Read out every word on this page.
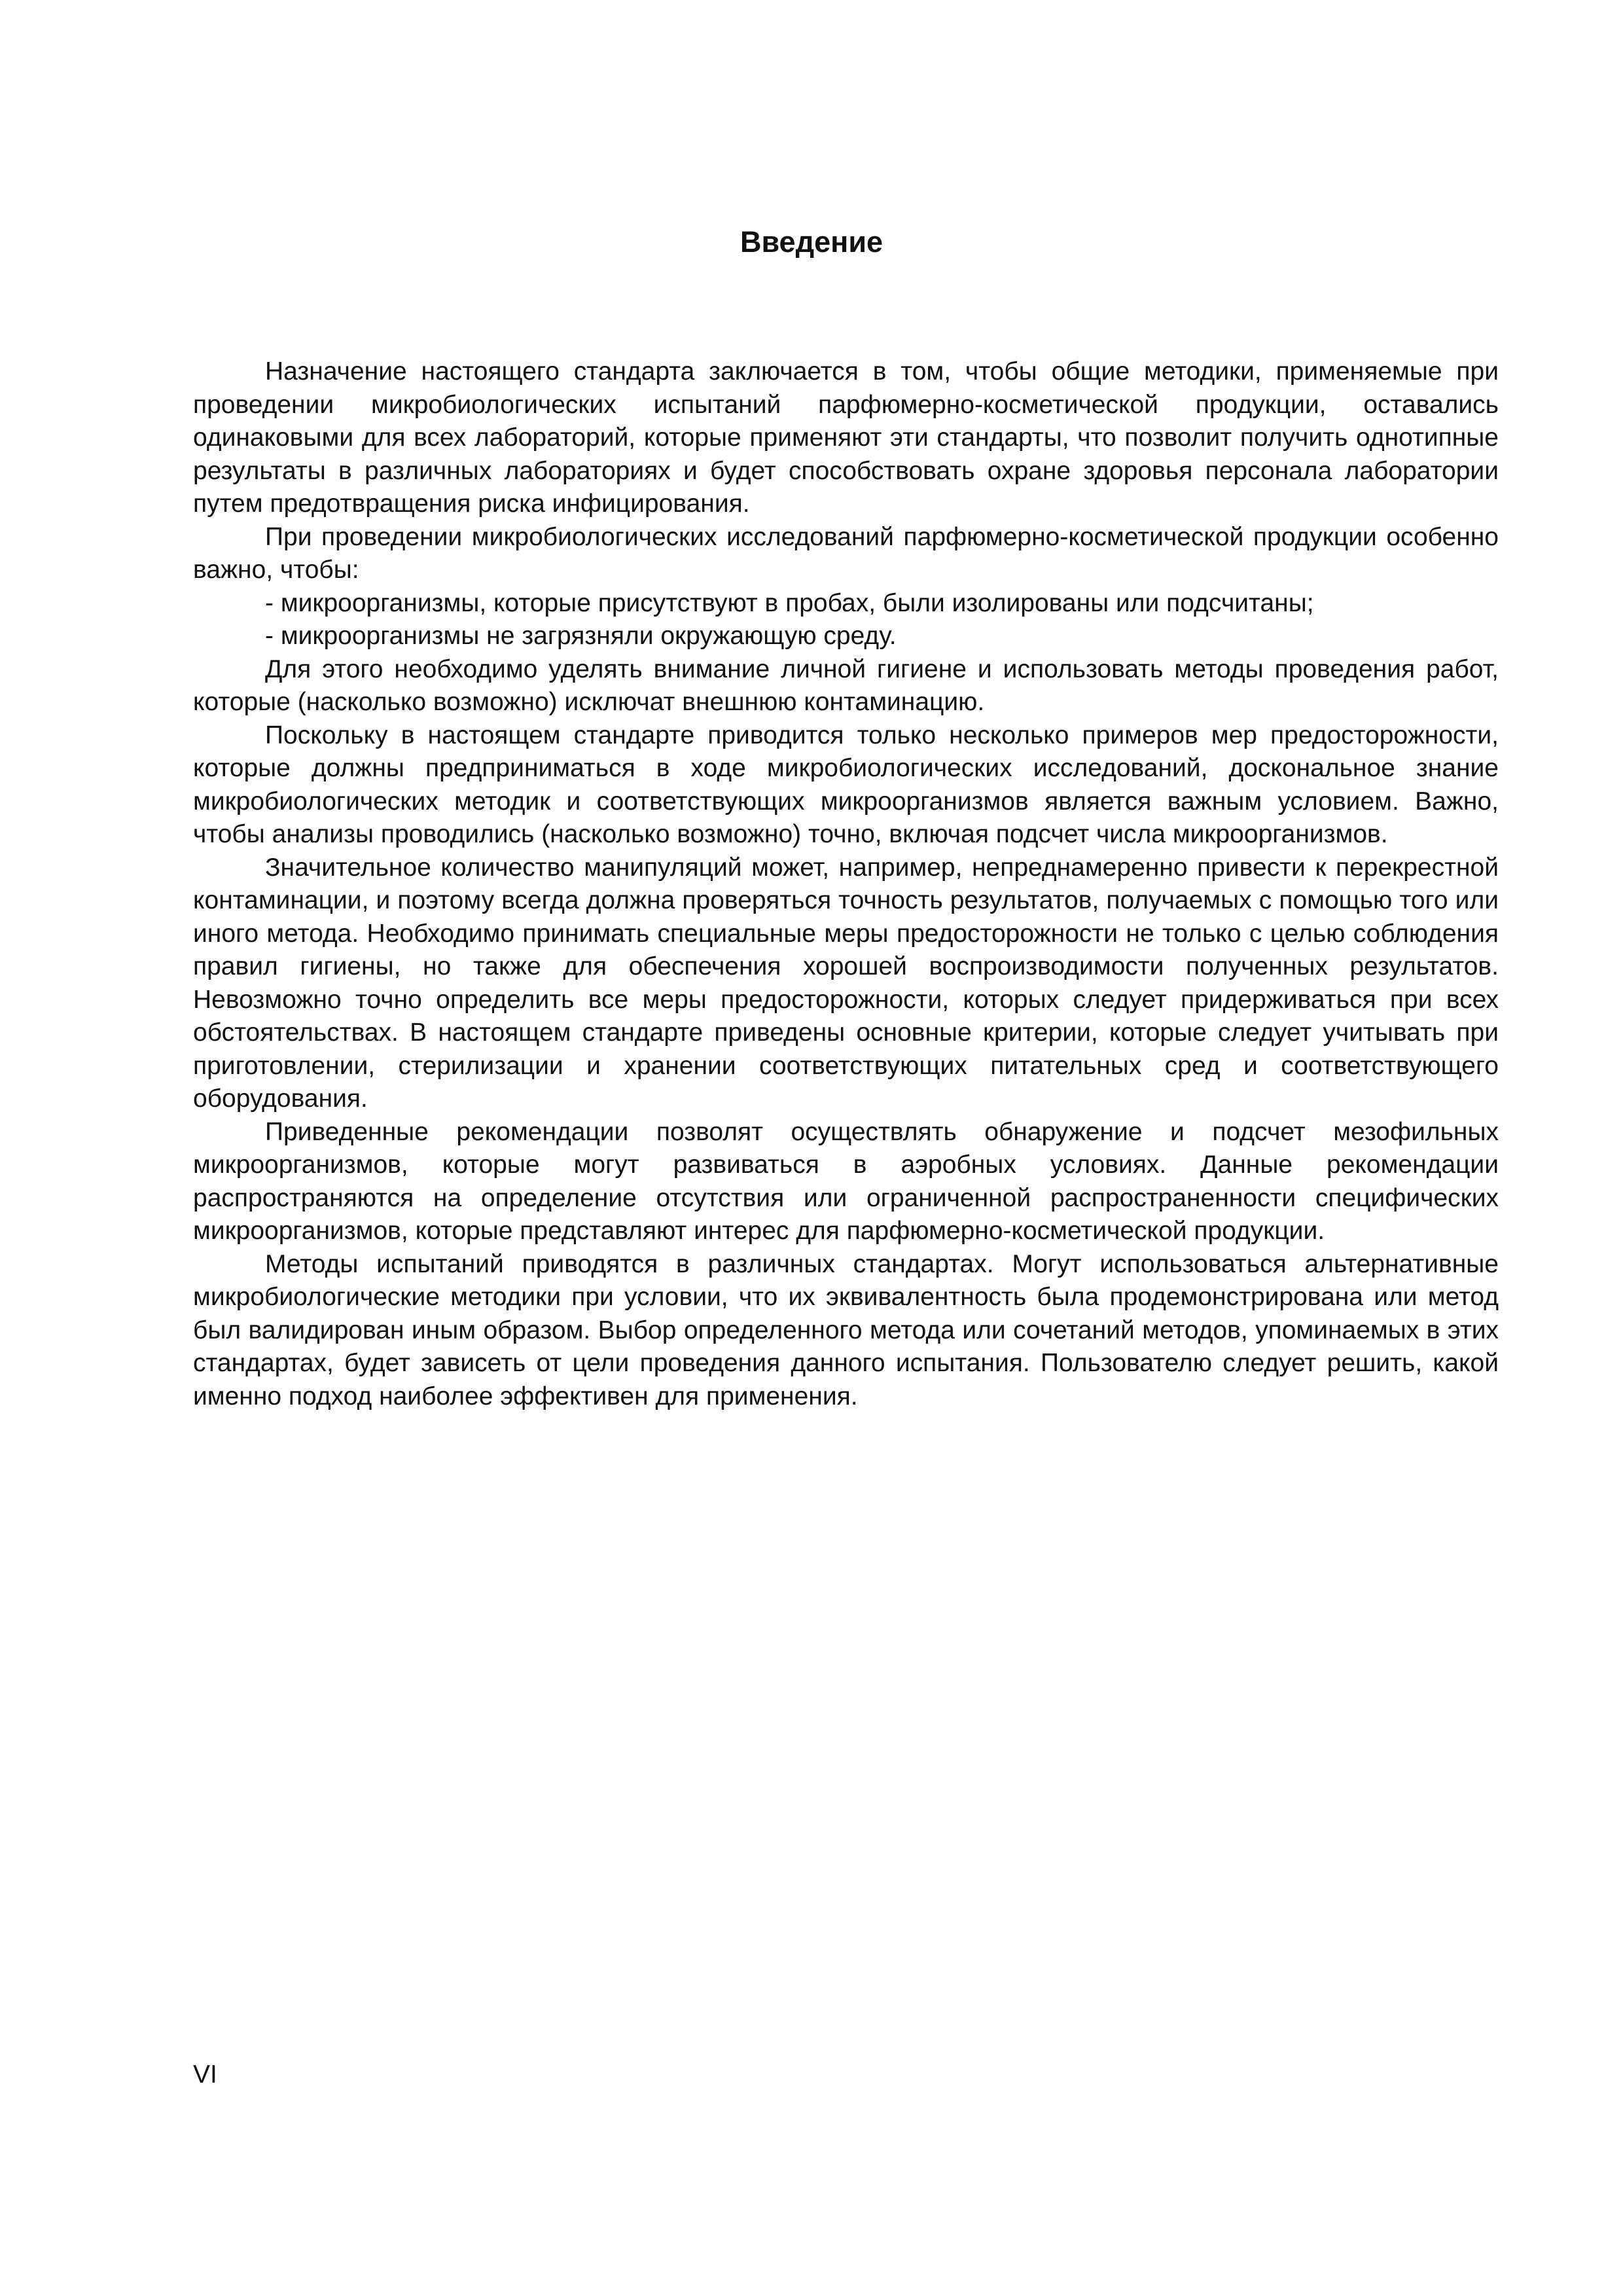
Введение

Назначение настоящего стандарта заключается в том, чтобы общие методики, применяемые при проведении микробиологических испытаний парфюмерно-косметической продукции, оставались одинаковыми для всех лабораторий, которые применяют эти стандарты, что позволит получить однотипные результаты в различных лабораториях и будет способствовать охране здоровья персонала лаборатории путем предотвращения риска инфицирования.

При проведении микробиологических исследований парфюмерно-косметической продукции особенно важно, чтобы:

- микроорганизмы, которые присутствуют в пробах, были изолированы или подсчитаны;
- микроорганизмы не загрязняли окружающую среду.

Для этого необходимо уделять внимание личной гигиене и использовать методы проведения работ, которые (насколько возможно) исключат внешнюю контаминацию.

Поскольку в настоящем стандарте приводится только несколько примеров мер предосторожности, которые должны предприниматься в ходе микробиологических исследований, доскональное знание микробиологических методик и соответствующих микроорганизмов является важным условием. Важно, чтобы анализы проводились (насколько возможно) точно, включая подсчет числа микроорганизмов.

Значительное количество манипуляций может, например, непреднамеренно привести к перекрестной контаминации, и поэтому всегда должна проверяться точность результатов, получаемых с помощью того или иного метода. Необходимо принимать специальные меры предосторожности не только с целью соблюдения правил гигиены, но также для обеспечения хорошей воспроизводимости полученных результатов. Невозможно точно определить все меры предосторожности, которых следует придерживаться при всех обстоятельствах. В настоящем стандарте приведены основные критерии, которые следует учитывать при приготовлении, стерилизации и хранении соответствующих питательных сред и соответствующего оборудования.

Приведенные рекомендации позволят осуществлять обнаружение и подсчет мезофильных микроорганизмов, которые могут развиваться в аэробных условиях. Данные рекомендации распространяются на определение отсутствия или ограниченной распространенности специфических микроорганизмов, которые представляют интерес для парфюмерно-косметической продукции.

Методы испытаний приводятся в различных стандартах. Могут использоваться альтернативные микробиологические методики при условии, что их эквивалентность была продемонстрирована или метод был валидирован иным образом. Выбор определенного метода или сочетаний методов, упоминаемых в этих стандартах, будет зависеть от цели проведения данного испытания. Пользователю следует решить, какой именно подход наиболее эффективен для применения.

VI
